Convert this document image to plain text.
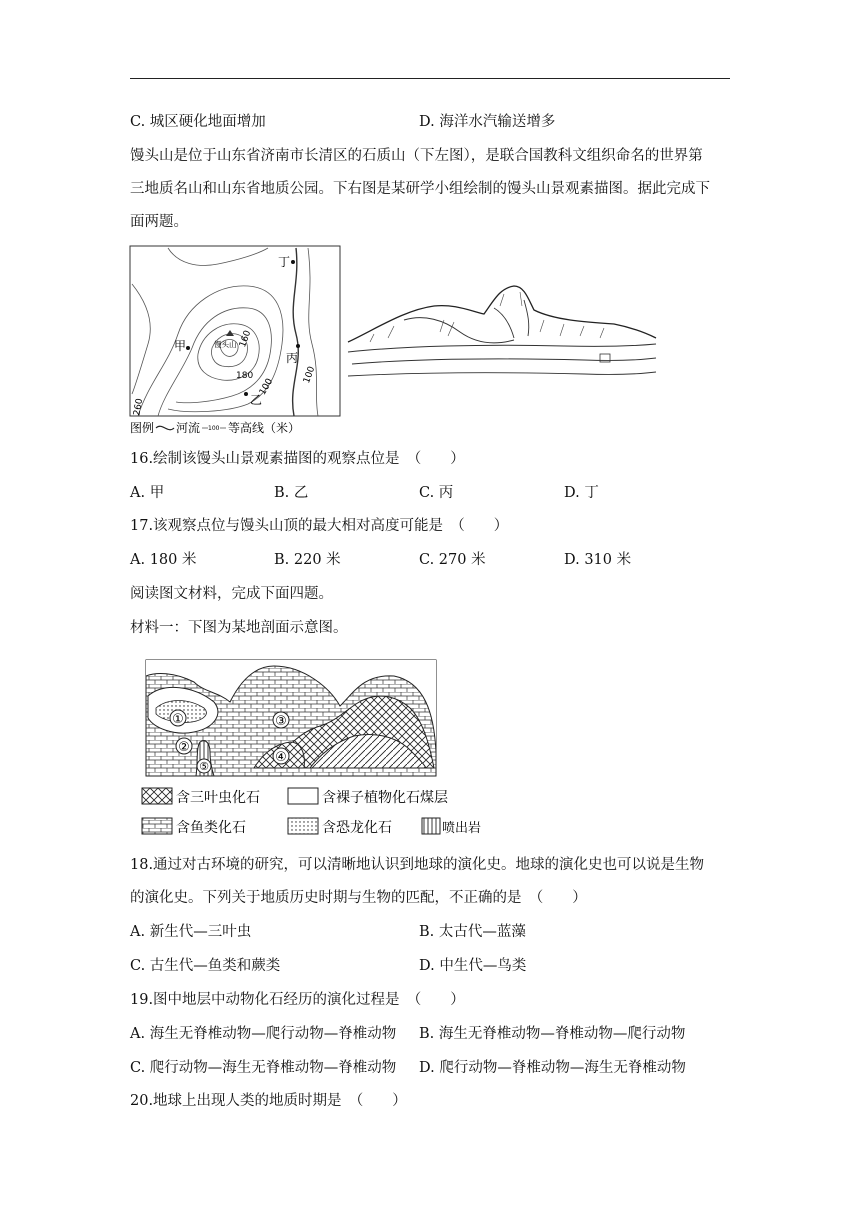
C. 城区硬化地面增加	D. 海洋水汽输送增多
馒头山是位于山东省济南市长清区的石质山（下左图），是联合国教科文组织命名的世界第
三地质名山和山东省地质公园。下右图是某研学小组绘制的馒头山景观素描图。据此完成下
面两题。
丁
甲
丙
乙
馒头山
180
160
100
100
260
图例 河流 100 等高线（米）
16.绘制该馒头山景观素描图的观察点位是　（　　）
A. 甲	B. 乙	C. 丙	D. 丁
17.该观察点位与馒头山顶的最大相对高度可能是　（　　）
A. 180 米	B. 220 米	C. 270 米	D. 310 米
阅读图文材料，完成下面四题。
材料一：下图为某地剖面示意图。
①
②
③
④
⑤
含三叶虫化石	含裸子植物化石煤层
含鱼类化石	含恐龙化石	喷出岩
18.通过对古环境的研究，可以清晰地认识到地球的演化史。地球的演化史也可以说是生物
的演化史。下列关于地质历史时期与生物的匹配，不正确的是　（　　）
A. 新生代—三叶虫	B. 太古代—蓝藻
C. 古生代—鱼类和蕨类	D. 中生代—鸟类
19.图中地层中动物化石经历的演化过程是　（　　）
A. 海生无脊椎动物—爬行动物—脊椎动物 B. 海生无脊椎动物—脊椎动物—爬行动物
C. 爬行动物—海生无脊椎动物—脊椎动物 D. 爬行动物—脊椎动物—海生无脊椎动物
20.地球上出现人类的地质时期是　（　　）
